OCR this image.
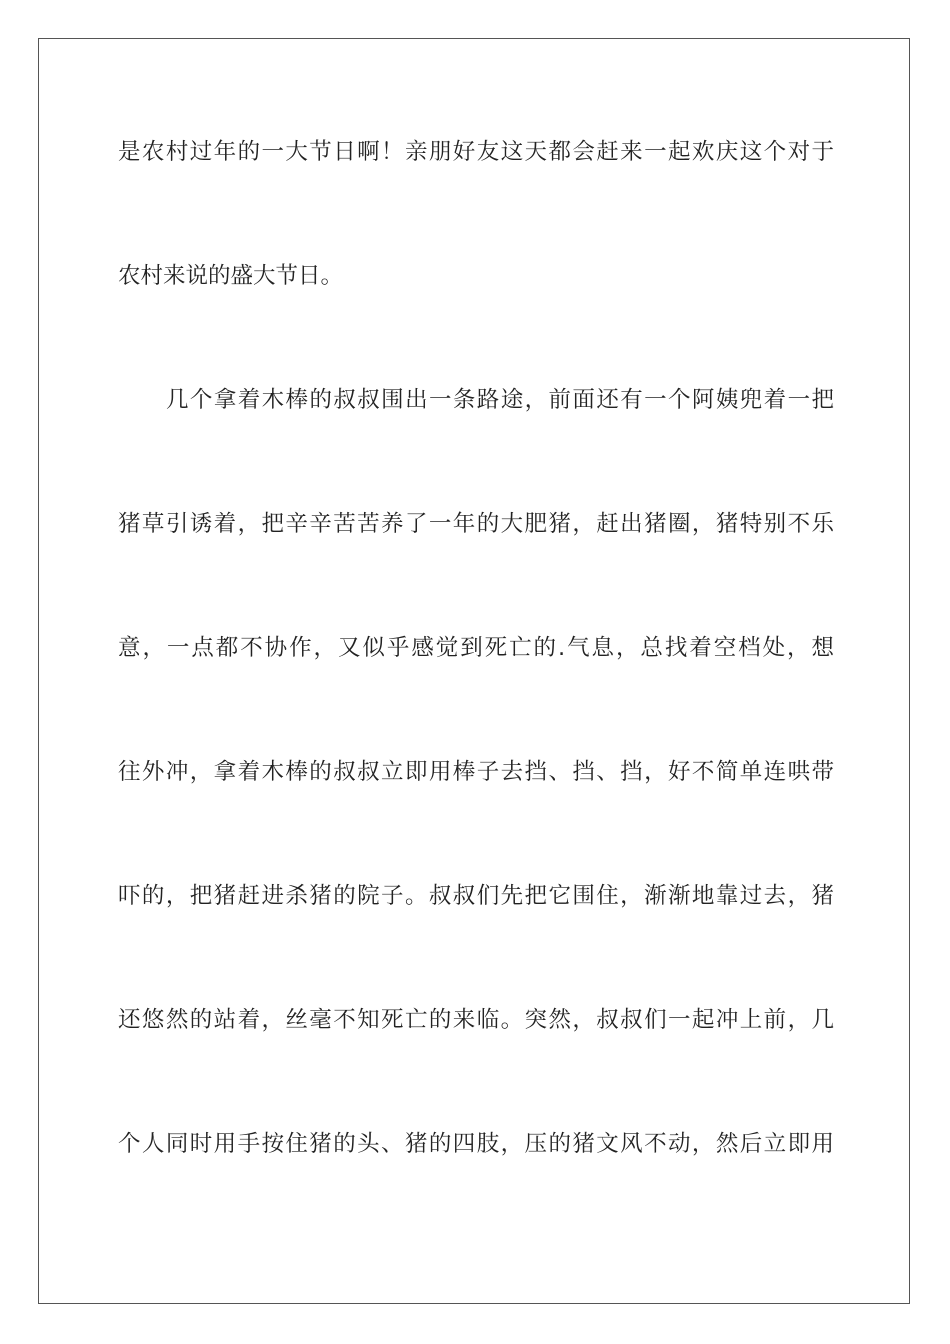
是农村过年的一大节日啊！亲朋好友这天都会赶来一起欢庆这个对于
农村来说的盛大节日。
几个拿着木棒的叔叔围出一条路途，前面还有一个阿姨兜着一把
猪草引诱着，把辛辛苦苦养了一年的大肥猪，赶出猪圈，猪特别不乐
意，一点都不协作，又似乎感觉到死亡的.气息，总找着空档处，想
往外冲，拿着木棒的叔叔立即用棒子去挡、挡、挡，好不简单连哄带
吓的，把猪赶进杀猪的院子。叔叔们先把它围住，渐渐地靠过去，猪
还悠然的站着，丝毫不知死亡的来临。突然，叔叔们一起冲上前，几
个人同时用手按住猪的头、猪的四肢，压的猪文风不动，然后立即用
